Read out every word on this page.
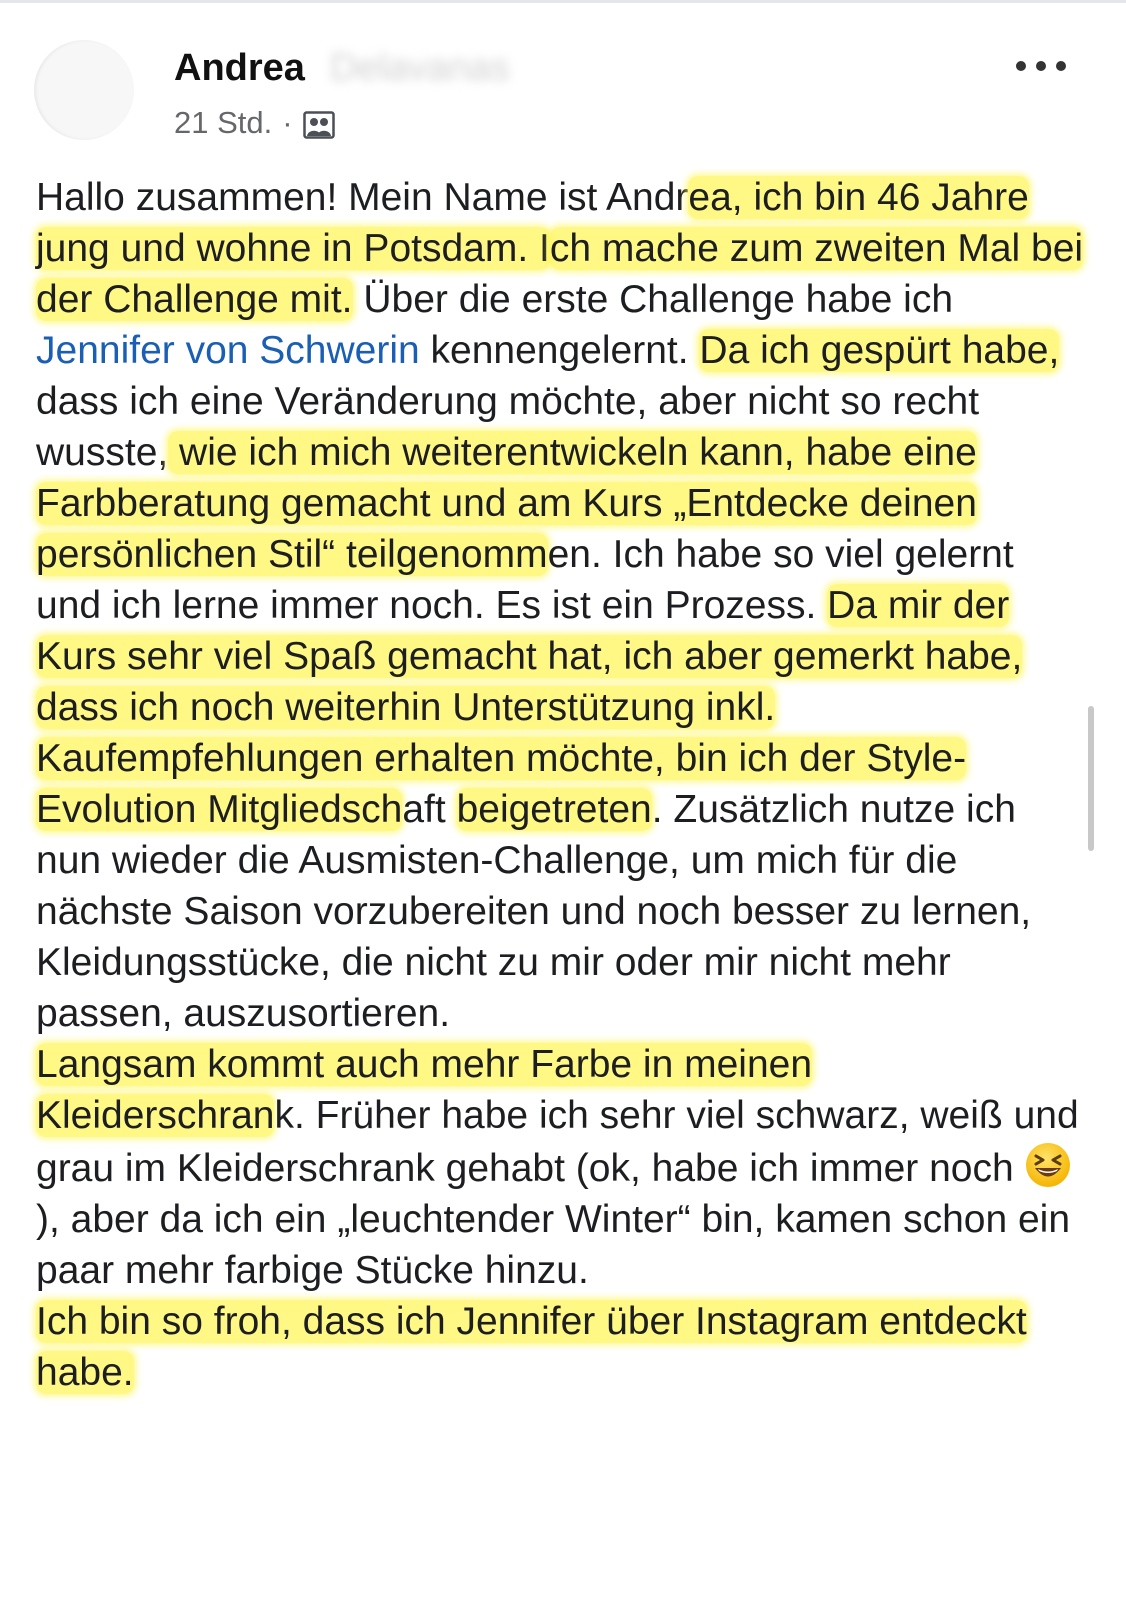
Andrea Delavanas
21 Std. ·

Hallo zusammen! Mein Name ist Andrea, ich bin 46 Jahre jung und wohne in Potsdam. Ich mache zum zweiten Mal bei der Challenge mit. Über die erste Challenge habe ich Jennifer von Schwerin kennengelernt. Da ich gespürt habe, dass ich eine Veränderung möchte, aber nicht so recht wusste, wie ich mich weiterentwickeln kann, habe eine Farbberatung gemacht und am Kurs „Entdecke deinen persönlichen Stil“ teilgenommen. Ich habe so viel gelernt und ich lerne immer noch. Es ist ein Prozess. Da mir der Kurs sehr viel Spaß gemacht hat, ich aber gemerkt habe, dass ich noch weiterhin Unterstützung inkl. Kaufempfehlungen erhalten möchte, bin ich der Style-Evolution Mitgliedschaft beigetreten. Zusätzlich nutze ich nun wieder die Ausmisten-Challenge, um mich für die nächste Saison vorzubereiten und noch besser zu lernen, Kleidungsstücke, die nicht zu mir oder mir nicht mehr passen, auszusortieren.

Langsam kommt auch mehr Farbe in meinen Kleiderschrank. Früher habe ich sehr viel schwarz, weiß und grau im Kleiderschrank gehabt (ok, habe ich immer noch ), aber da ich ein „leuchtender Winter“ bin, kamen schon ein paar mehr farbige Stücke hinzu.

Ich bin so froh, dass ich Jennifer über Instagram entdeckt habe.
